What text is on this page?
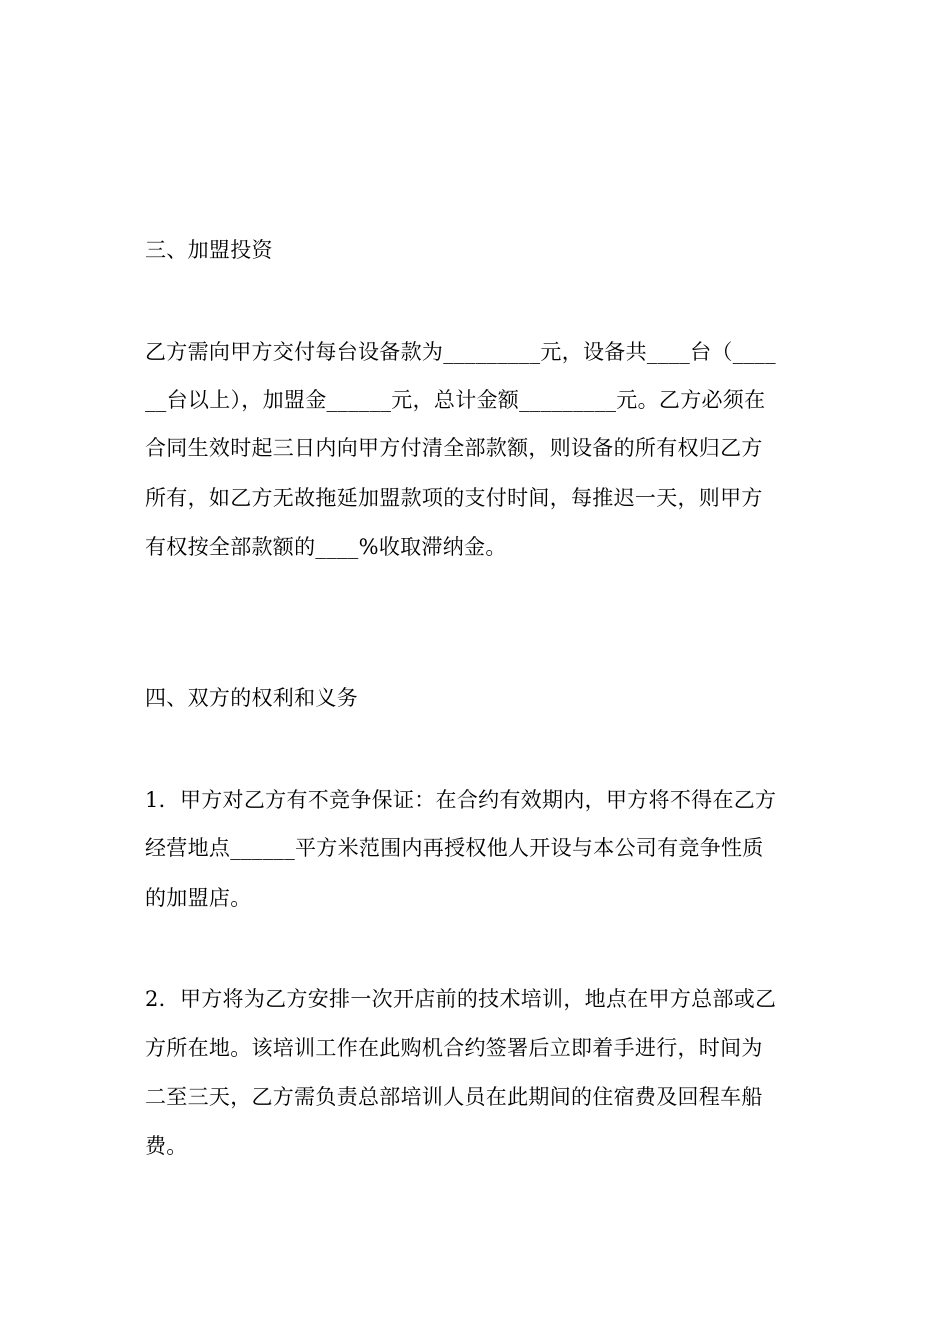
三、加盟投资
乙方需向甲方交付每台设备款为_________元，设备共____台（____
__台以上），加盟金______元，总计金额_________元。乙方必须在
合同生效时起三日内向甲方付清全部款额，则设备的所有权归乙方
所有，如乙方无故拖延加盟款项的支付时间，每推迟一天，则甲方
有权按全部款额的____%收取滞纳金。
四、双方的权利和义务
1．甲方对乙方有不竞争保证：在合约有效期内，甲方将不得在乙方
经营地点______平方米范围内再授权他人开设与本公司有竞争性质
的加盟店。
2．甲方将为乙方安排一次开店前的技术培训，地点在甲方总部或乙
方所在地。该培训工作在此购机合约签署后立即着手进行，时间为
二至三天，乙方需负责总部培训人员在此期间的住宿费及回程车船
费。
